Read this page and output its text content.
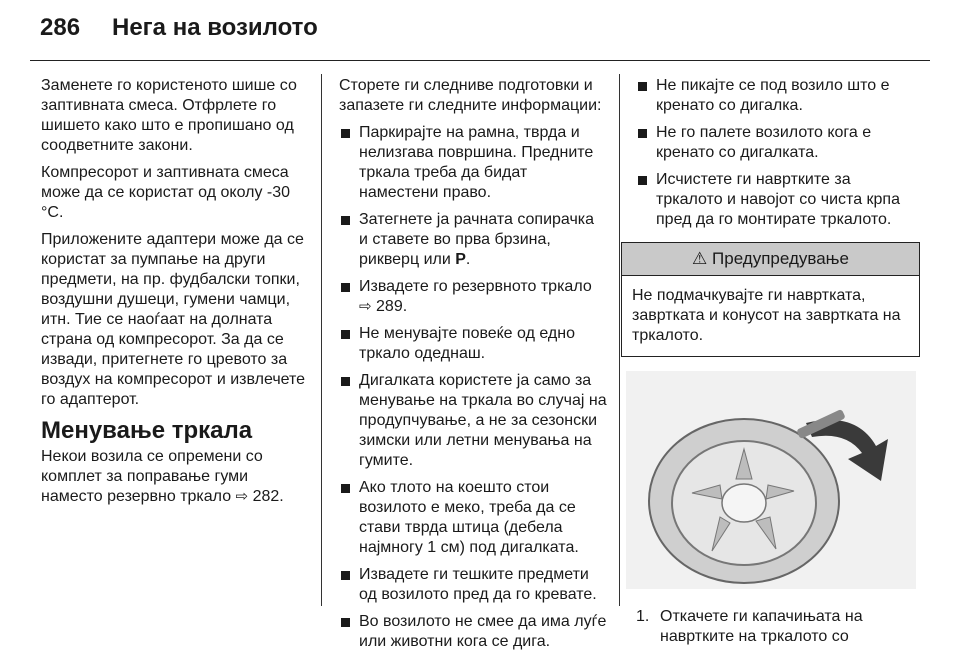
286 Нега на возилото

Заменете го користеното шише со заптивната смеса. Отфрлете го шишето како што е пропишано од соодветните закони.

Компресорот и заптивната смеса може да се користат од околу -30 °C.

Приложените адаптери може да се користат за пумпање на други предмети, на пр. фудбалски топки, воздушни душеци, гумени чамци, итн. Тие се наоѓаат на долната страна од компресорот. За да се извади, притегнете го цревото за воздух на компресорот и извлечете го адаптерот.

Менување тркала

Некои возила се опремени со комплет за поправање гуми наместо резервно тркало ⇨ 282.

Сторете ги следниве подготовки и запазете ги следните информации:

Паркирајте на рамна, тврда и нелизгава површина. Предните тркала треба да бидат наместени право.
Затегнете ја рачната сопирачка и ставете во прва брзина, рикверц или P.
Извадете го резервното тркало ⇨ 289.
Не менувајте повеќе од едно тркало одеднаш.
Дигалката користете ја само за менување на тркала во случај на продупчување, а не за сезонски зимски или летни менувања на гумите.
Ако тлото на коешто стои возилото е меко, треба да се стави тврда штица (дебела најмногу 1 см) под дигалката.
Извадете ги тешките предмети од возилото пред да го кревате.
Во возилото не смее да има луѓе или животни кога се дига.
Не пикајте се под возило што е кренато со дигалка.
Не го палете возилото кога е кренато со дигалката.
Исчистете ги навртките за тркалото и навојот со чиста крпа пред да го монтирате тркалото.
⚠ Предупредување
Не подмачкувајте ги навртката, завртката и конусот на завртката на тркалото.
1. Откачете ги капачињата на навртките на тркалото со
